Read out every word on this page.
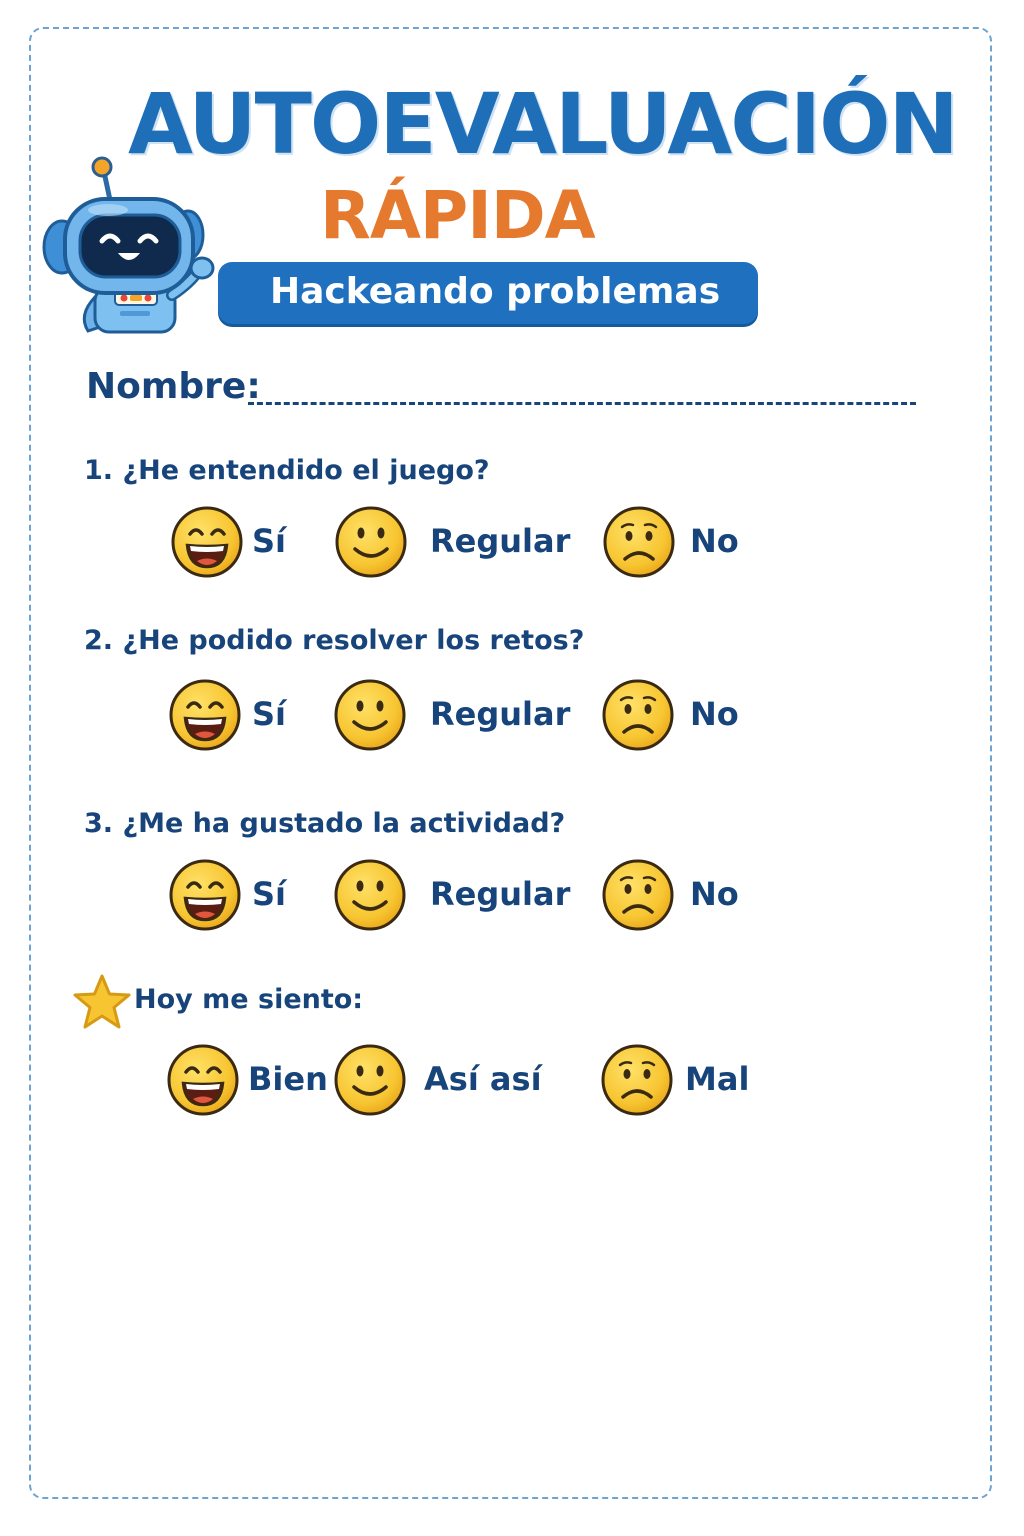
AUTOEVALUACIÓN
RÁPIDA
Hackeando problemas
Nombre:
1. ¿He entendido el juego?
Sí	Regular	No
2. ¿He podido resolver los retos?
Sí	Regular	No
3. ¿Me ha gustado la actividad?
Sí	Regular	No
Hoy me siento:
Bien	Así así	Mal
